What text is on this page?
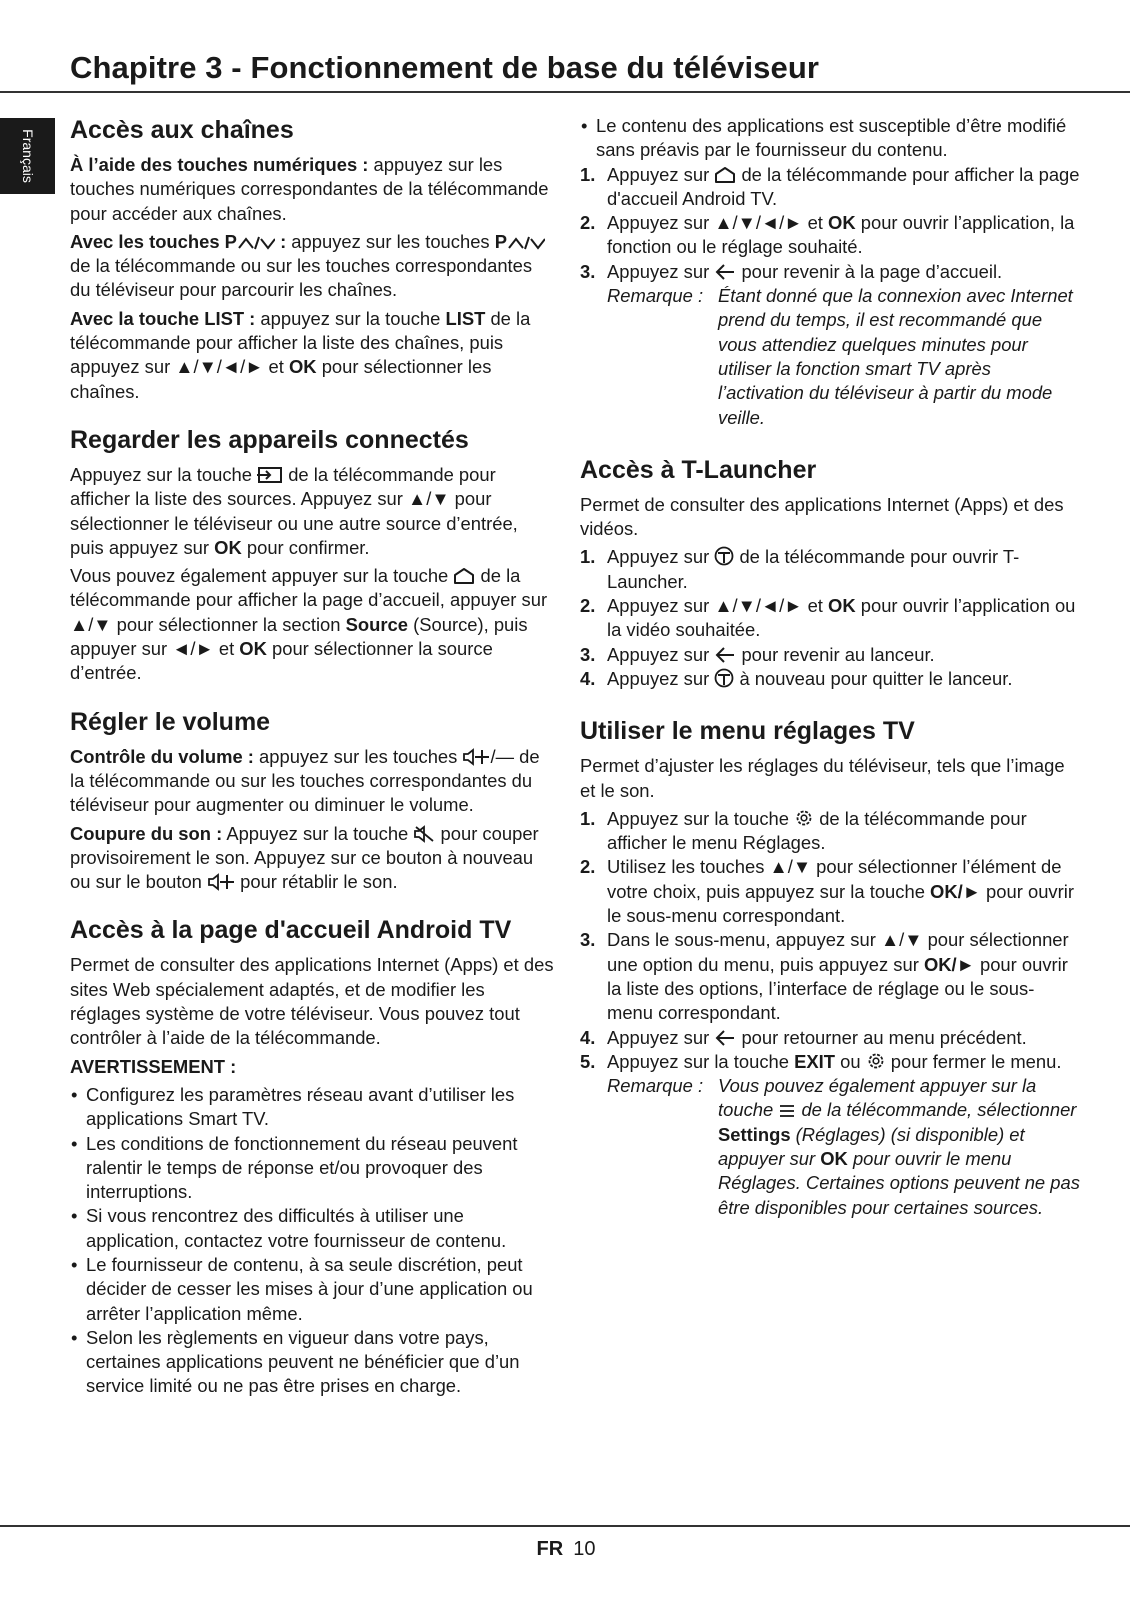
Chapitre 3 - Fonctionnement de base du téléviseur
Français Accès aux chaînes

À l’aide des touches numériques : appuyez sur les touches numériques correspondantes de la télécommande pour accéder aux chaînes.

Avec les touches P : appuyez sur les touches P de la télécommande ou sur les touches correspondantes du téléviseur pour parcourir les chaînes.

Avec la touche LIST : appuyez sur la touche LIST de la télécommande pour afficher la liste des chaînes, puis appuyez sur ▲/▼/◄/► et OK pour sélectionner les chaînes.

Regarder les appareils connectés

Appuyez sur la touche  de la télécommande pour afficher la liste des sources. Appuyez sur ▲/▼ pour sélectionner le téléviseur ou une autre source d’entrée, puis appuyez sur OK pour confirmer.

Vous pouvez également appuyer sur la touche  de la télécommande pour afficher la page d’accueil, appuyer sur ▲/▼ pour sélectionner la section Source (Source), puis appuyer sur ◄/► et OK pour sélectionner la source d’entrée.

Régler le volume

Contrôle du volume : appuyez sur les touches /— de la télécommande ou sur les touches correspondantes du téléviseur pour augmenter ou diminuer le volume.

Coupure du son : Appuyez sur la touche  pour couper provisoirement le son. Appuyez sur ce bouton à nouveau ou sur le bouton  pour rétablir le son.

Accès à la page d'accueil Android TV

Permet de consulter des applications Internet (Apps) et des sites Web spécialement adaptés, et de modifier les réglages système de votre téléviseur. Vous pouvez tout contrôler à l’aide de la télécommande.

AVERTISSEMENT :
• Configurez les paramètres réseau avant d’utiliser les applications Smart TV.
• Les conditions de fonctionnement du réseau peuvent ralentir le temps de réponse et/ou provoquer des interruptions.
• Si vous rencontrez des difficultés à utiliser une application, contactez votre fournisseur de contenu.
• Le fournisseur de contenu, à sa seule discrétion, peut décider de cesser les mises à jour d’une application ou arrêter l’application même.
• Selon les règlements en vigueur dans votre pays, certaines applications peuvent ne bénéficier que d’un service limité ou ne pas être prises en charge.
• Le contenu des applications est susceptible d’être modifié sans préavis par le fournisseur du contenu.
1. Appuyez sur  de la télécommande pour afficher la page d'accueil Android TV.
2. Appuyez sur ▲/▼/◄/► et OK pour ouvrir l’application, la fonction ou le réglage souhaité.
3. Appuyez sur  pour revenir à la page d’accueil.
Remarque : Étant donné que la connexion avec Internet prend du temps, il est recommandé que vous attendiez quelques minutes pour utiliser la fonction smart TV après l’activation du téléviseur à partir du mode veille.
Accès à T-Launcher

Permet de consulter des applications Internet (Apps) et des vidéos.

1. Appuyez sur  de la télécommande pour ouvrir T-Launcher.
2. Appuyez sur ▲/▼/◄/► et OK pour ouvrir l’application ou la vidéo souhaitée.
3. Appuyez sur  pour revenir au lanceur.
4. Appuyez sur  à nouveau pour quitter le lanceur.
Utiliser le menu réglages TV

Permet d’ajuster les réglages du téléviseur, tels que l’image et le son.

1. Appuyez sur la touche  de la télécommande pour afficher le menu Réglages.
2. Utilisez les touches ▲/▼ pour sélectionner l’élément de votre choix, puis appuyez sur la touche OK/► pour ouvrir le sous-menu correspondant.
3. Dans le sous-menu, appuyez sur ▲/▼ pour sélectionner une option du menu, puis appuyez sur OK/► pour ouvrir la liste des options, l’interface de réglage ou le sous-menu correspondant.
4. Appuyez sur  pour retourner au menu précédent.
5. Appuyez sur la touche EXIT ou  pour fermer le menu.
Remarque : Vous pouvez également appuyer sur la touche  de la télécommande, sélectionner Settings (Réglages) (si disponible) et appuyer sur OK pour ouvrir le menu Réglages. Certaines options peuvent ne pas être disponibles pour certaines sources.
FR 10
